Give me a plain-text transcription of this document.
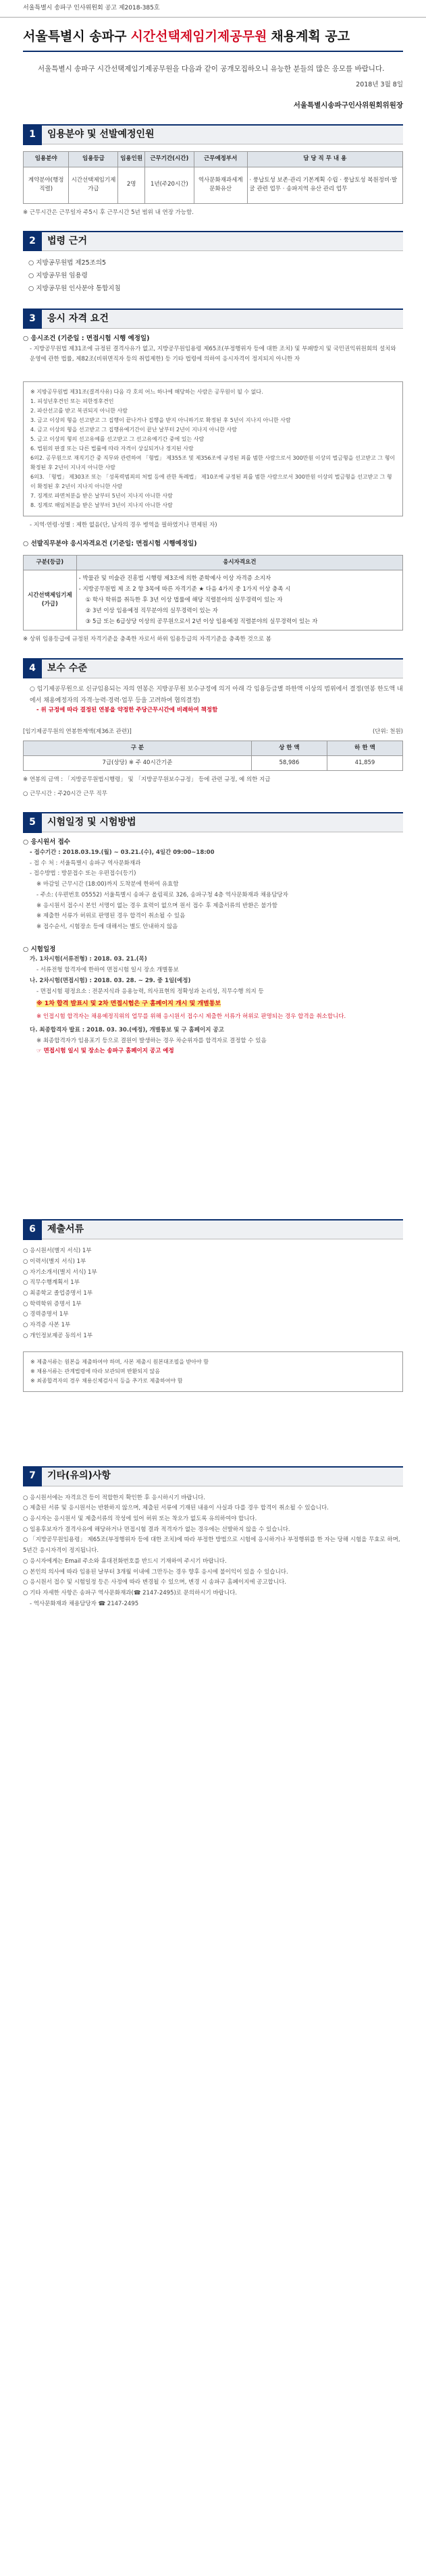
서울특별시 송파구 인사위원회 공고 제2018-385호
서울특별시 송파구 시간선택제임기제공무원 채용계획 공고

서울특별시 송파구 시간선택제임기제공무원을 다음과 같이 공개모집하오니 유능한 분들의 많은 응모를 바랍니다.

2018년 3월 8일

서울특별시송파구인사위원회위원장

1	임용분야 및 선발예정인원
임용분야	임용등급	임용인원	근무기간(시간)	근무예정부서	담 당 직 무 내 용
계약분야(행정직렬)	시간선택제임기제가급	2명	1년(주20시간)	역사문화재과세계문화유산	· 풍납토성 보존·관리 기본계획 수립 · 풍납토성 복원정비·발굴 관련 업무 · 송파지역 유산 관리 업무

※ 근무시간은 근무일자 주5시 후 근무시간 5년 범위 내 연장 가능함.

2	법령 근거

○ 지방공무원법 제25조의5

○ 지방공무원 임용령

○ 지방공무원 인사분야 통합지침

3	응시 자격 요건

○ 응시조건 (기준일 : 면접시험 시행 예정일)

- 지방공무원법 제31조에 규정된 결격사유가 없고, 지방공무원임용령 제65조(부정행위자 등에 대한 조치) 및 부패방지 및 국민권익위원회의 설치와 운영에 관한 법률, 제82조(비위면직자 등의 취업제한) 등 기타 법령에 의하여 응시자격이 정지되지 아니한 자

※ 지방공무원법 제31조(결격사유) 다음 각 호의 어느 하나에 해당하는 사람은 공무원이 될 수 없다.

1. 피성년후견인 또는 피한정후견인

2. 파산선고를 받고 복권되지 아니한 사람

3. 금고 이상의 형을 선고받고 그 집행이 끝나거나 집행을 받지 아니하기로 확정된 후 5년이 지나지 아니한 사람

4. 금고 이상의 형을 선고받고 그 집행유예기간이 끝난 날부터 2년이 지나지 아니한 사람

5. 금고 이상의 형의 선고유예를 선고받고 그 선고유예기간 중에 있는 사람

6. 법원의 판결 또는 다른 법률에 따라 자격이 상실되거나 정지된 사람

6의2. 공무원으로 재직기간 중 직무와 관련하여 「형법」 제355조 및 제356조에 규정된 죄를 범한 사람으로서 300만원 이상의 벌금형을 선고받고 그 형이 확정된 후 2년이 지나지 아니한 사람

6의3. 「형법」 제303조 또는 「성폭력범죄의 처벌 등에 관한 특례법」 제10조에 규정된 죄를 범한 사람으로서 300만원 이상의 벌금형을 선고받고 그 형이 확정된 후 2년이 지나지 아니한 사람

7. 징계로 파면처분을 받은 날부터 5년이 지나지 아니한 사람

8. 징계로 해임처분을 받은 날부터 3년이 지나지 아니한 사람

- 지역·연령·성별 : 제한 없음(단, 남자의 경우 병역을 필하였거나 면제된 자)

○ 선발직무분야 응시자격요건 (기준일: 면접시험 시행예정일)

구분(등급)	응시자격요건
시간선택제임기제(가급)	- 박물관 및 미술관 진흥법 시행령 제3조에 의한 준학예사 이상 자격증 소지자

- 지방공무원법 제 조 2 항 3목에 따른 자격기준 ★ 다음 4가지 중 1가지 이상 충족 시

① 학사 학위를 취득한 후 3년 이상 법률에 해당 직렬분야의 실무경력이 있는 자

② 3년 이상 임용예정 직무분야의 실무경력이 있는 자

③ 5급 또는 6급상당 이상의 공무원으로서 2년 이상 임용예정 직렬분야의 실무경력이 있는 자

※ 상위 임용등급에 규정된 자격기준을 충족한 자로서 하위 임용등급의 자격기준을 충족한 것으로 봄

4	보수 수준

○ 임기제공무원으로 신규임용되는 자의 연봉은 지방공무원 보수규정에 의거 아래 각 임용등급별 하한액 이상의 범위에서 결정(연봉 한도액 내에서 채용예정자의 자격·능력·경력·업무 등을 고려하여 협의결정)

- 위 규정에 따라 결정된 연봉을 약정한 주당근무시간에 비례하여 책정함

[임기제공무원의 연봉한계액(제36조 관련)]	(단위: 천원)
구 분	상 한 액	하 한 액
7급(상당) ※ 주 40시간기준	58,986	41,859

※ 연봉의 금액 : 「지방공무원법시행령」 및 「지방공무원보수규정」 등에 관련 규정, 예 의한 지급

○ 근무시간 : 주20시간 근무 직무

5	시험일정 및 시험방법

○ 응시원서 접수

- 접수기간 : 2018.03.19.(월) ~ 03.21.(수), 4일간 09:00~18:00

- 접 수 처 : 서울특별시 송파구 역사문화재과

- 접수방법 : 방문접수 또는 우편접수(등기)

※ 마감일 근무시간 (18:00)까지 도착분에 한하여 유효함

- 주소: (우편번호 05552) 서울특별시 송파구 올림픽로 326, 송파구청 4층 역사문화재과 채용담당자

※ 응시원서 접수시 본인 서명이 없는 경우 효력이 없으며 원서 접수 후 제출서류의 반환은 불가함

※ 제출한 서류가 허위로 판명된 경우 합격이 취소될 수 있음

※ 접수순서, 시험장소 등에 대해서는 별도 안내하지 않음

○ 시험일정

가. 1차시험(서류전형) : 2018. 03. 21.(목)

- 서류전형 합격자에 한하여 면접시험 일시 장소 개별통보

나. 2차시험(면접시험) : 2018. 03. 28. ~ 29. 중 1일(예정)

- 면접시험 평정요소 : 전문지식과 응용능력, 의사표현의 정확성과 논리성, 직무수행 의지 등

※ 1차 합격 발표시 및 2차 면접시험은 구 홈페이지 개시 및 개별통보

※ 인접시험 합격자는 채용예정직위의 업무를 위해 응시원서 접수시 제출한 서류가 허위로 판명되는 경우 합격을 취소합니다.

다. 최종합격자 발표 : 2018. 03. 30.(예정), 개별통보 및 구 홈페이지 공고

※ 최종합격자가 임용포기 등으로 결원이 발생하는 경우 차순위자를 합격자로 결정할 수 있음

☞ 면접시험 일시 및 장소는 송파구 홈페이지 공고 예정

6	제출서류

○ 응시원서(별지 서식) 1부

○ 이력서(별지 서식) 1부

○ 자기소개서(별지 서식) 1부

○ 직무수행계획서 1부

○ 최종학교 졸업증명서 1부

○ 학력학위 증명서 1부

○ 경력증명서 1부

○ 자격증 사본 1부

○ 개인정보제공 동의서 1부

※ 제출서류는 원본을 제출하여야 하며, 사본 제출시 원본대조필을 받아야 함

※ 채용서류는 관계법령에 따라 보관되며 반환되지 않음

※ 최종합격자의 경우 채용신체검사서 등을 추가로 제출하여야 함

7	기타(유의)사항

○ 응시원서에는 자격요건 등이 적합한지 확인한 후 응시하시기 바랍니다.

○ 제출된 서류 및 응시원서는 반환하지 않으며, 제출된 서류에 기재된 내용이 사실과 다를 경우 합격이 취소될 수 있습니다.

○ 응시자는 응시원서 및 제출서류의 작성에 있어 허위 또는 착오가 없도록 유의하여야 합니다.

○ 임용후보자가 결격사유에 해당하거나 면접시험 결과 적격자가 없는 경우에는 선발하지 않을 수 있습니다.

○ 「지방공무원임용령」 제65조(부정행위자 등에 대한 조치)에 따라 부정한 방법으로 시험에 응시하거나 부정행위를 한 자는 당해 시험을 무효로 하며, 5년간 응시자격이 정지됩니다.

○ 응시자에게는 Email 주소와 휴대전화번호를 반드시 기재하여 주시기 바랍니다.

○ 본인의 의사에 따라 임용된 날부터 3개월 이내에 그만두는 경우 향후 응시에 불이익이 있을 수 있습니다.

○ 응시원서 접수 및 시험일정 등은 사정에 따라 변경될 수 있으며, 변경 시 송파구 홈페이지에 공고합니다.

○ 기타 자세한 사항은 송파구 역사문화재과(☎ 2147-2495)로 문의하시기 바랍니다.

- 역사문화재과 채용담당자 ☎ 2147-2495
